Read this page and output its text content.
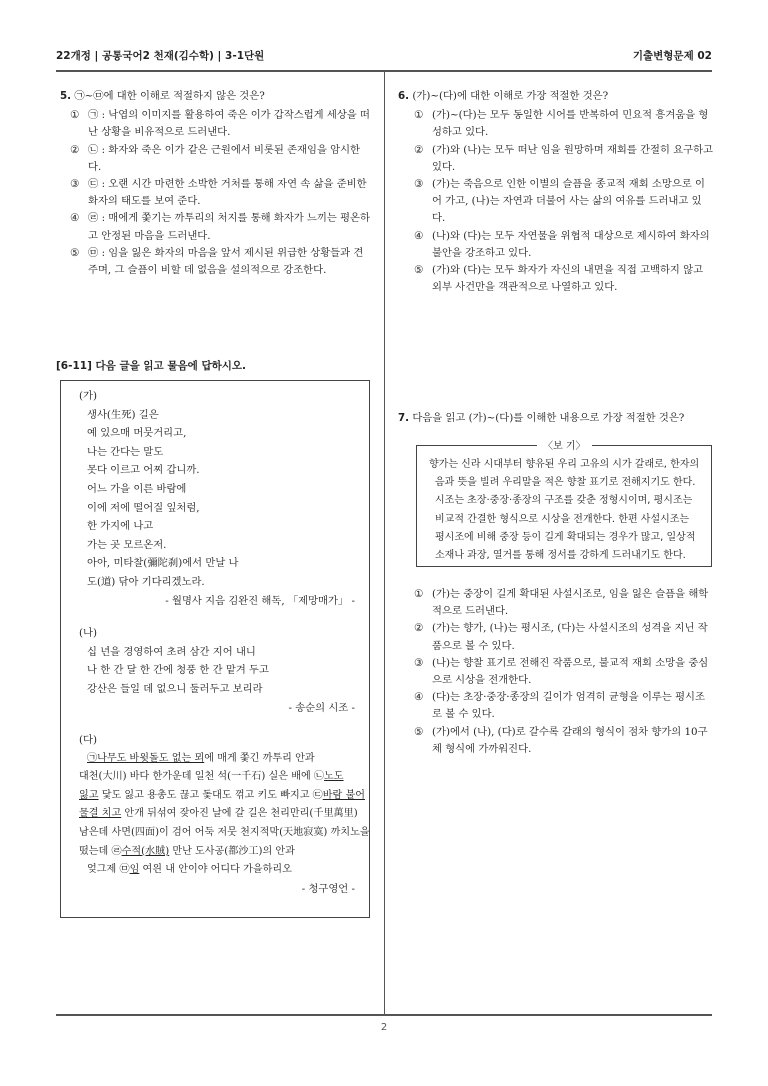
22개정 | 공통국어2 천재(김수학) | 3-1단원	기출변형문제 02
2
5. ㉠~㉤에 대한 이해로 적절하지 않은 것은?
① ㉠ : 낙엽의 이미지를 활용하여 죽은 이가 갑작스럽게 세상을 떠난 상황을 비유적으로 드러낸다.
② ㉡ : 화자와 죽은 이가 같은 근원에서 비롯된 존재임을 암시한다.
③ ㉢ : 오랜 시간 마련한 소박한 거처를 통해 자연 속 삶을 준비한 화자의 태도를 보여 준다.
④ ㉣ : 매에게 쫓기는 까투리의 처지를 통해 화자가 느끼는 평온하고 안정된 마음을 드러낸다.
⑤ ㉤ : 임을 잃은 화자의 마음을 앞서 제시된 위급한 상황들과 견주며, 그 슬픔이 비할 데 없음을 설의적으로 강조한다.
[6-11] 다음 글을 읽고 물음에 답하시오.
(가)
생사(生死) 길은
예 있으매 머뭇거리고,
나는 간다는 말도
못다 이르고 어찌 갑니까.
어느 가을 이른 바람에
이에 저에 떨어질 잎처럼,
한 가지에 나고
가는 곳 모르온저.
아아, 미타찰(彌陀刹)에서 만날 나
도(道) 닦아 기다리겠노라.
- 월명사 지음 김완진 해독, 「제망매가」 -
(나)
십 년을 경영하여 초려 삼간 지어 내니
나 한 간 달 한 간에 청풍 한 간 맡겨 두고
강산은 들일 데 없으니 둘러두고 보리라
- 송순의 시조 -
(다)
㉠나무도 바윗돌도 없는 뫼에 매게 쫓긴 까투리 안과
대천(大川) 바다 한가운데 일천 석(一千石) 실은 배에 ㉡노도
잃고 닻도 잃고 용총도 끊고 돛대도 꺾고 키도 빠지고 ㉢바람 불어
물결 치고 안개 뒤섞여 잦아진 날에 갈 길은 천리만리(千里萬里)
남은데 사면(四面)이 검어 어둑 저뭇 천지적막(天地寂寞) 까치노을
떴는데 ㉣수적(水賊) 만난 도사공(都沙工)의 안과
엊그제 ㉤임 여읜 내 안이야 어디다 가을하리오
- 청구영언 -
6. (가)~(다)에 대한 이해로 가장 적절한 것은?
① (가)~(다)는 모두 동일한 시어를 반복하여 민요적 흥겨움을 형성하고 있다.
② (가)와 (나)는 모두 떠난 임을 원망하며 재회를 간절히 요구하고 있다.
③ (가)는 죽음으로 인한 이별의 슬픔을 종교적 재회 소망으로 이어 가고, (나)는 자연과 더불어 사는 삶의 여유를 드러내고 있다.
④ (나)와 (다)는 모두 자연물을 위협적 대상으로 제시하여 화자의 불안을 강조하고 있다.
⑤ (가)와 (다)는 모두 화자가 자신의 내면을 직접 고백하지 않고 외부 사건만을 객관적으로 나열하고 있다.
7. 다음을 읽고 (가)~(다)를 이해한 내용으로 가장 적절한 것은?

향가는 신라 시대부터 향유된 우리 고유의 시가 갈래로, 한자의

음과 뜻을 빌려 우리말을 적은 향찰 표기로 전해지기도 한다.

시조는 초장·중장·종장의 구조를 갖춘 정형시이며, 평시조는

비교적 간결한 형식으로 시상을 전개한다. 한편 사설시조는

평시조에 비해 중장 등이 길게 확대되는 경우가 많고, 일상적

소재나 과장, 열거를 통해 정서를 강하게 드러내기도 한다.

〈보 기〉
① (가)는 중장이 길게 확대된 사설시조로, 임을 잃은 슬픔을 해학적으로 드러낸다.
② (가)는 향가, (나)는 평시조, (다)는 사설시조의 성격을 지닌 작품으로 볼 수 있다.
③ (나)는 향찰 표기로 전해진 작품으로, 불교적 재회 소망을 중심으로 시상을 전개한다.
④ (다)는 초장·중장·종장의 길이가 엄격히 균형을 이루는 평시조로 볼 수 있다.
⑤ (가)에서 (나), (다)로 갈수록 갈래의 형식이 점차 향가의 10구체 형식에 가까워진다.
